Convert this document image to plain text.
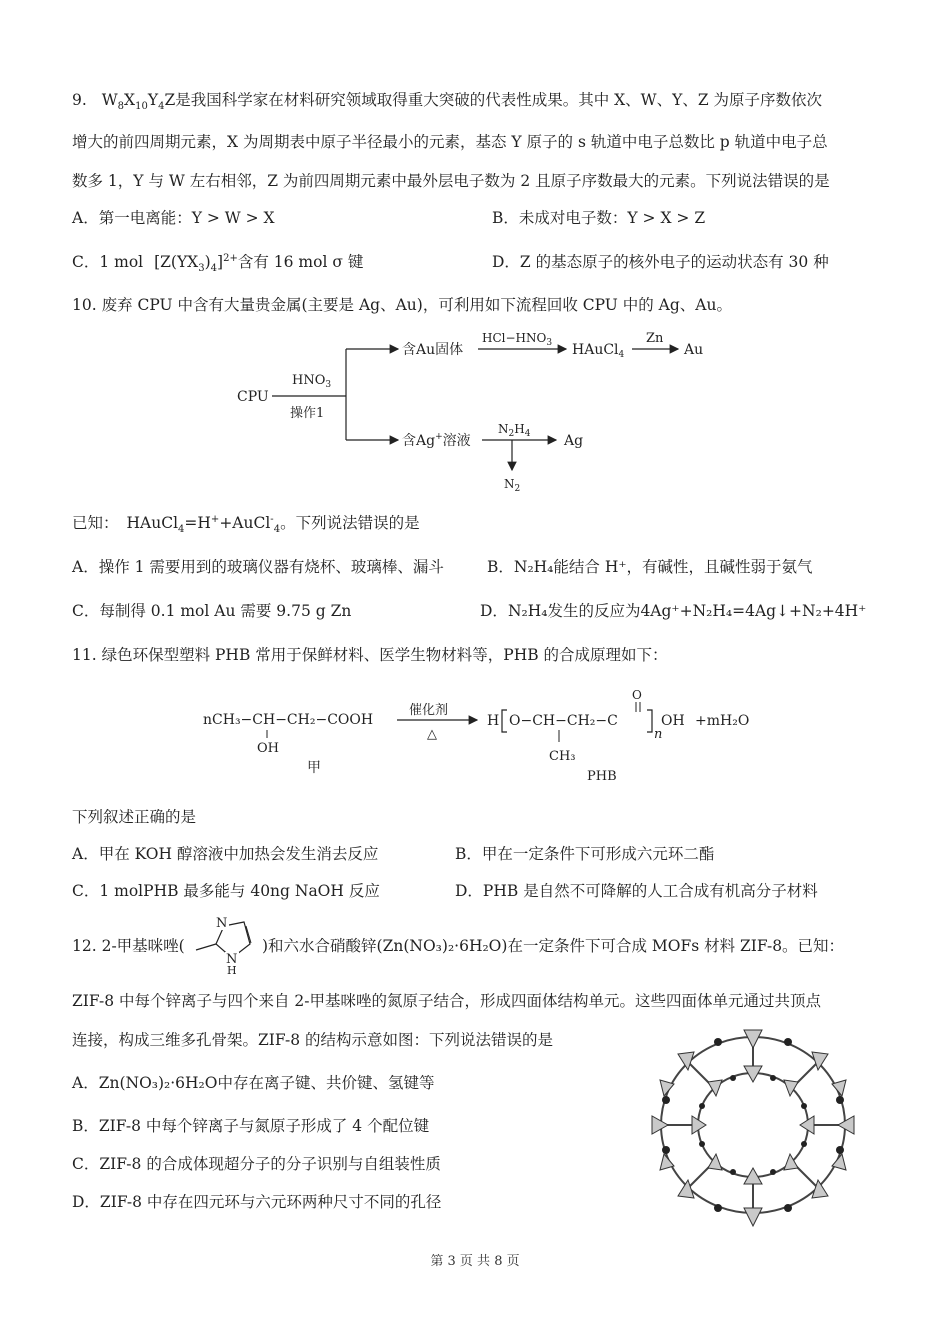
9. $W_8X_{10}Y_4Z$是我国科学家在材料研究领域取得重大突破的代表性成果。其中 X、W、Y、Z 为原子序数依次
增大的前四周期元素，X 为周期表中原子半径最小的元素，基态 Y 原子的 s 轨道中电子总数比 p 轨道中电子总
数多 1，Y 与 W 左右相邻，Z 为前四周期元素中最外层电子数为 2 且原子序数最大的元素。下列说法错误的是
A．第一电离能：Y > W > X	B．未成对电子数：Y > X > Z
C．1 mol $[Z(YX_3)_4]^{2+}$含有 16 mol σ 键	D．Z 的基态原子的核外电子的运动状态有 30 种
10. 废弃 CPU 中含有大量贵金属(主要是 Ag、Au)，可利用如下流程回收 CPU 中的 Ag、Au。
CPU
$HNO_3$
操作1
含Au固体
$HCl-HNO_3$ HAuCl$_4$
Zn
Au
含Ag+溶液
$N_2H_4$ Ag
$N_2$
已知： HAuCl$_4$=H++AuCl-$_4$。下列说法错误的是
A．操作 1 需要用到的玻璃仪器有烧杯、玻璃棒、漏斗	B．N₂H₄能结合 H⁺，有碱性，且碱性弱于氨气
C．每制得 0.1 mol Au 需要 9.75 g Zn	D．N₂H₄发生的反应为4Ag⁺+N₂H₄=4Ag↓+N₂+4H⁺
11. 绿色环保型塑料 PHB 常用于保鲜材料、医学生物材料等，PHB 的合成原理如下：
nCH₃−CH−CH₂−COOH
OH
甲
催化剂
△
H O−CH−CH₂−C
CH₃
O
n
OH +mH₂O
PHB
下列叙述正确的是
A．甲在 KOH 醇溶液中加热会发生消去反应	B．甲在一定条件下可形成六元环二酯
C．1 molPHB 最多能与 40ng NaOH 反应	D．PHB 是自然不可降解的人工合成有机高分子材料
12. 2-甲基咪唑(
N
N
H
)和六水合硝酸锌(Zn(NO₃)₂·6H₂O)在一定条件下可合成 MOFs 材料 ZIF-8。已知：
ZIF-8 中每个锌离子与四个来自 2-甲基咪唑的氮原子结合，形成四面体结构单元。这些四面体单元通过共顶点
连接，构成三维多孔骨架。ZIF-8 的结构示意如图：下列说法错误的是
A．Zn(NO₃)₂·6H₂O中存在离子键、共价键、氢键等
B．ZIF-8 中每个锌离子与氮原子形成了 4 个配位键
C．ZIF-8 的合成体现超分子的分子识别与自组装性质
D．ZIF-8 中存在四元环与六元环两种尺寸不同的孔径
第 3 页 共 8 页
